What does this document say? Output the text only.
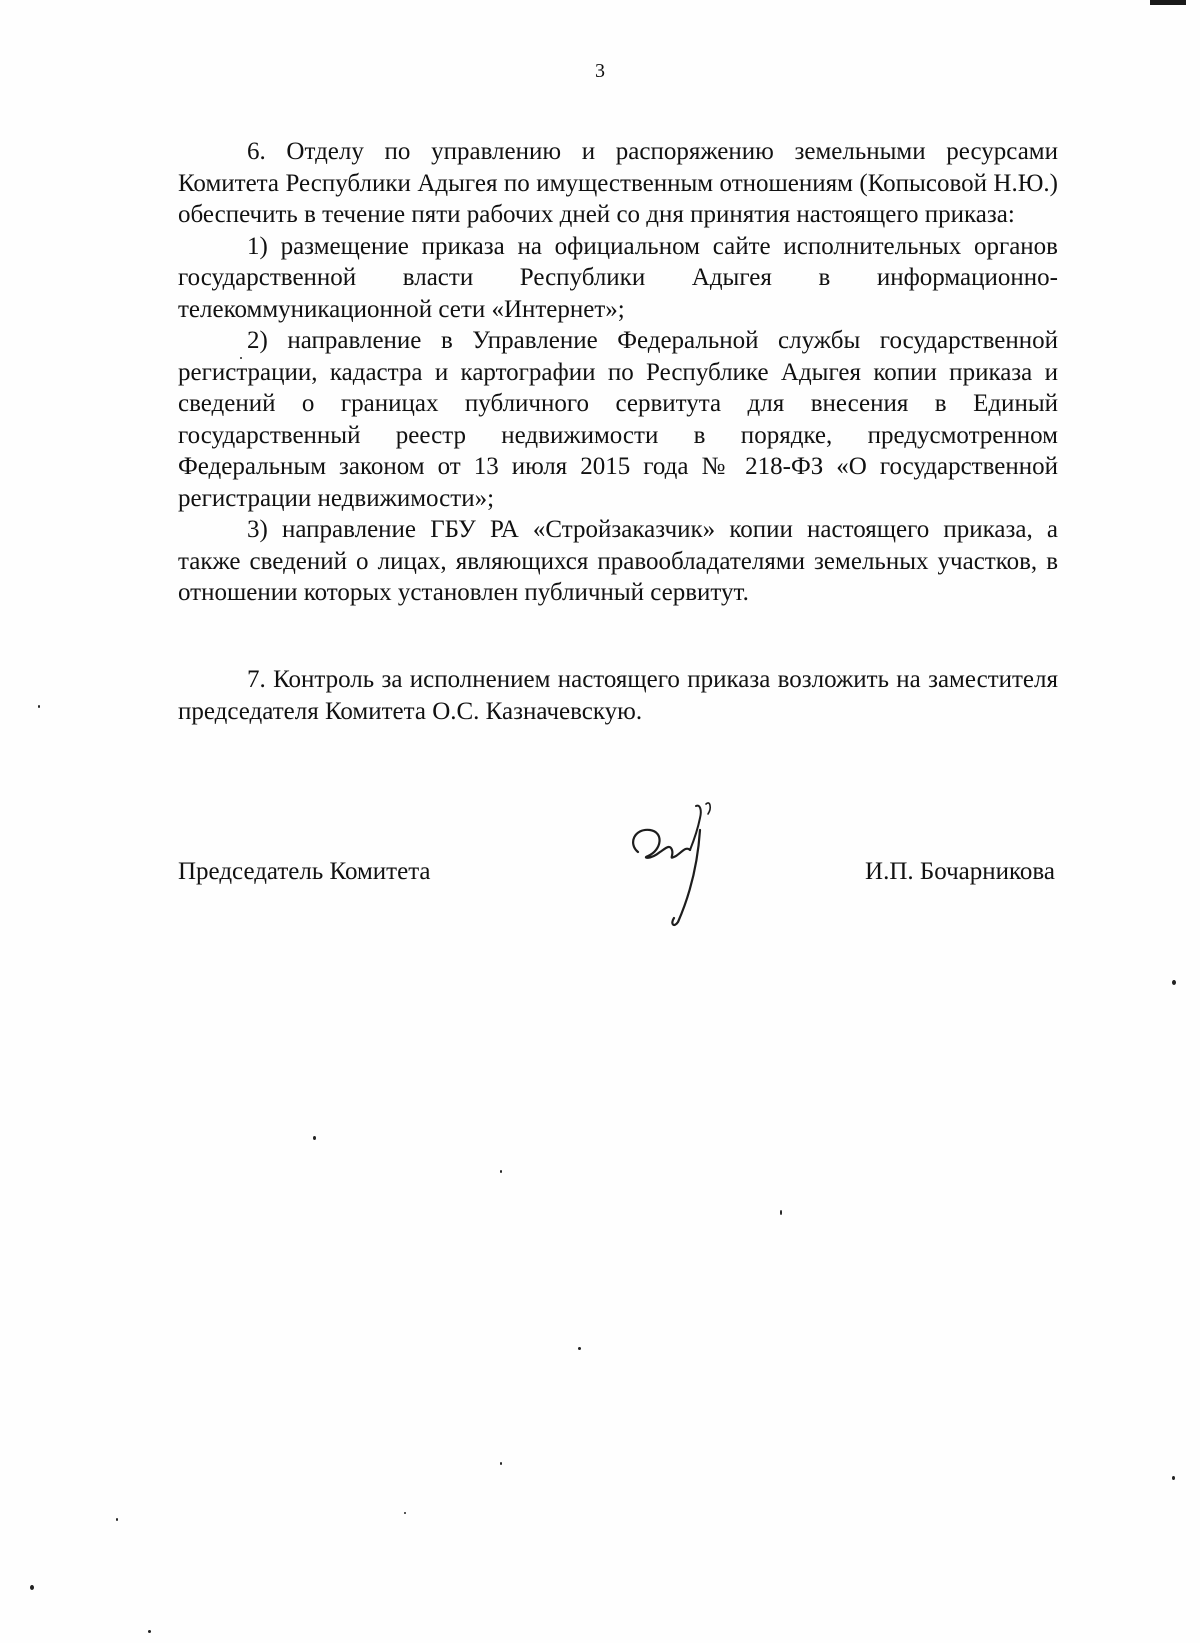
3

6. Отделу по управлению и распоряжению земельными ресурсами Комитета Республики Адыгея по имущественным отношениям (Копысовой Н.Ю.) обеспечить в течение пяти рабочих дней со дня принятия настоящего приказа:

1) размещение приказа на официальном сайте исполнительных органов государственной власти Республики Адыгея в информационно-телекоммуникационной сети «Интернет»;

2) направление в Управление Федеральной службы государственной регистрации, кадастра и картографии по Республике Адыгея копии приказа и сведений о границах публичного сервитута для внесения в Единый государственный реестр недвижимости в порядке, предусмотренном Федеральным законом от 13 июля 2015 года № 218-ФЗ «О государственной регистрации недвижимости»;

3) направление ГБУ РА «Стройзаказчик» копии настоящего приказа, а также сведений о лицах, являющихся правообладателями земельных участков, в отношении которых установлен публичный сервитут.

7. Контроль за исполнением настоящего приказа возложить на заместителя председателя Комитета О.С. Казначевскую.

Председатель Комитета	И.П. Бочарникова
